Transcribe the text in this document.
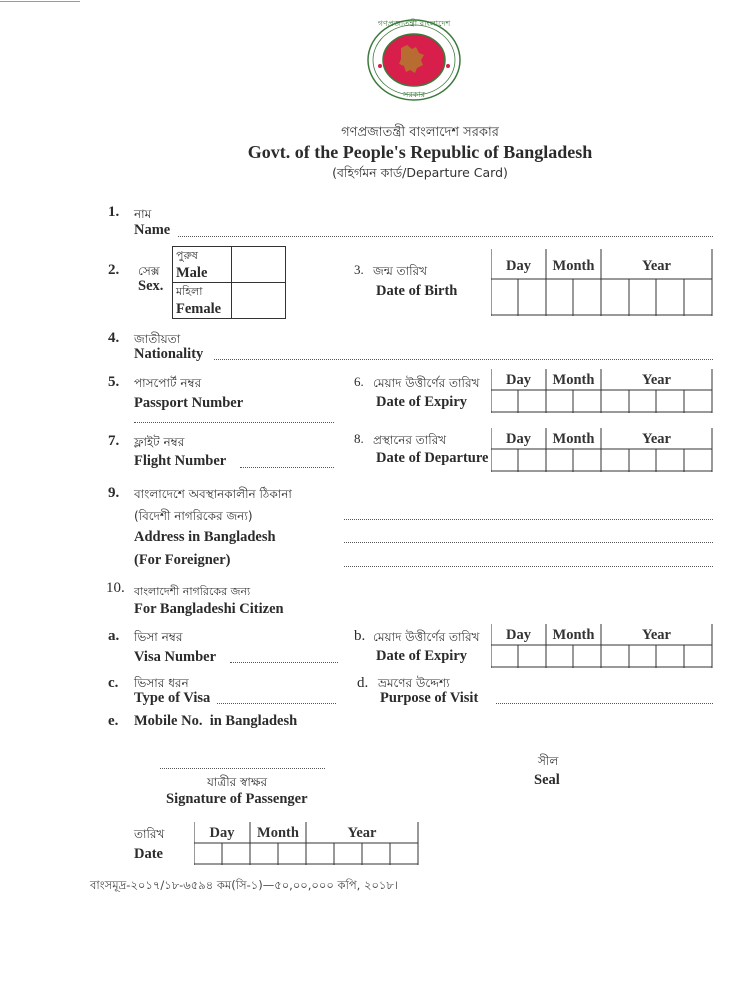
গণপ্রজাতন্ত্রী বাংলাদেশ
সরকার
গণপ্রজাতন্ত্রী বাংলাদেশ সরকার
Govt. of the People's Republic of Bangladesh
(বহির্গমন কার্ড/Departure Card)
1. নাম
Name
2. সেক্স
Sex.
পুরুষ
Male	

মহিলা
Female	

3. জন্ম তারিখ
Date of Birth
Day	Month	Year
4. জাতীয়তা
Nationality
5. পাসপোর্ট নম্বর
Passport Number
6. মেয়াদ উত্তীর্ণের তারিখ
Date of Expiry
Day	Month	Year
7. ফ্লাইট নম্বর
Flight Number
8. প্রস্থানের তারিখ
Date of Departure
Day	Month	Year
9. বাংলাদেশে অবস্থানকালীন ঠিকানা
(বিদেশী নাগরিকের জন্য)
Address in Bangladesh
(For Foreigner)
10. বাংলাদেশী নাগরিকের জন্য
For Bangladeshi Citizen
a. ভিসা নম্বর
Visa Number
b. মেয়াদ উত্তীর্ণের তারিখ
Date of Expiry
Day	Month	Year
c. ভিসার ধরন
Type of Visa
d. ভ্রমণের উদ্দেশ্য
Purpose of Visit
e. Mobile No.  in Bangladesh
যাত্রীর স্বাক্ষর
Signature of Passenger
সীল
Seal
তারিখ
Date
Day	Month	Year
বাংসমূদ্র-২০১৭/১৮-৬৫৯৪ কম(সি-১)—৫০,০০,০০০ কপি, ২০১৮।
